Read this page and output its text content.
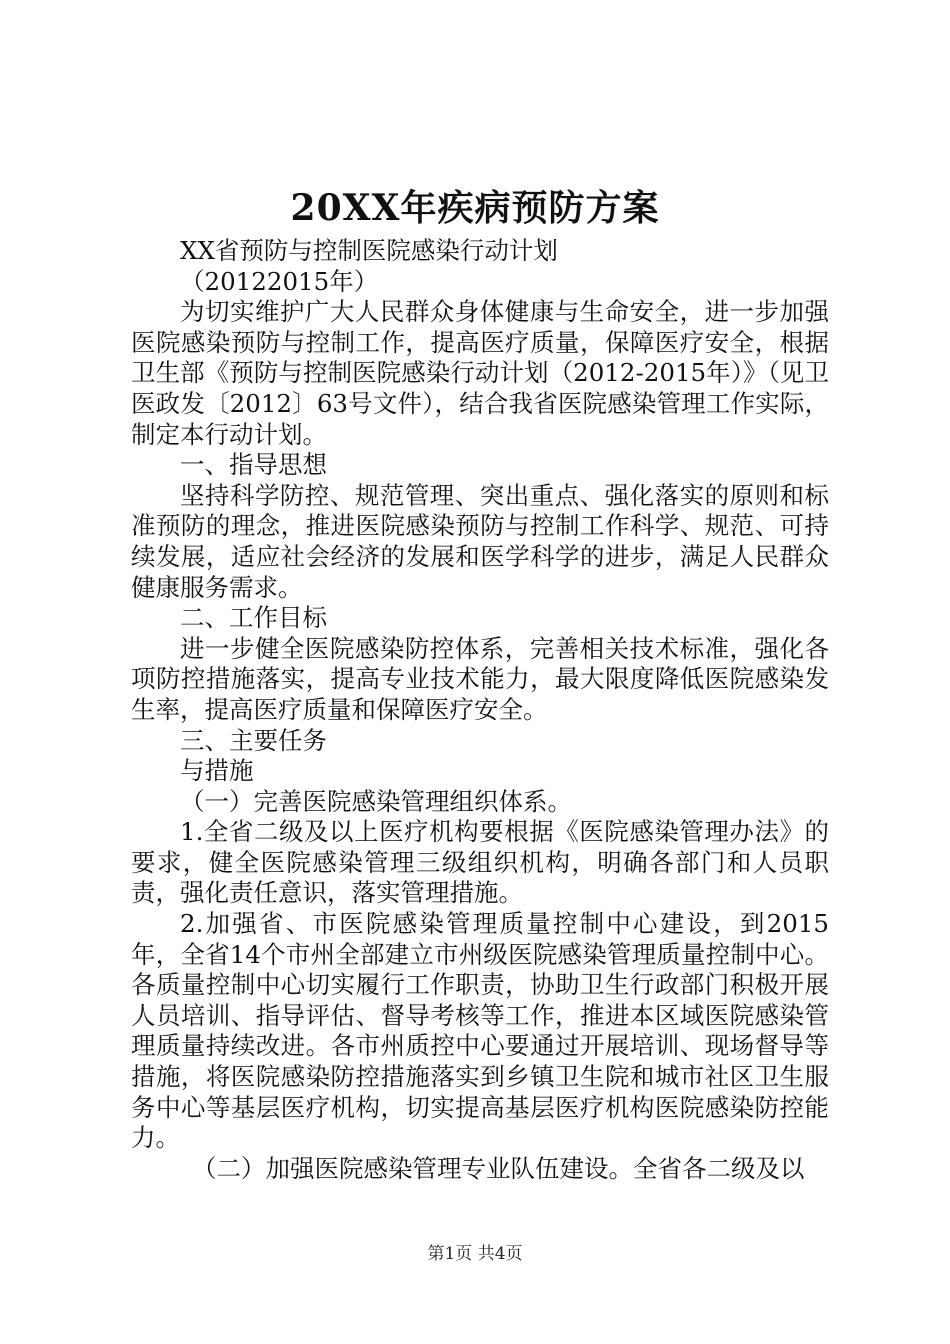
20XX年疾病预防方案

XX省预防与控制医院感染行动计划

（20122015年）

为切实维护广大人民群众身体健康与生命安全，进一步加强医院感染预防与控制工作，提高医疗质量，保障医疗安全，根据卫生部《预防与控制医院感染行动计划（2012-2015年）》（见卫医政发〔2012〕63号文件），结合我省医院感染管理工作实际，制定本行动计划。

一、指导思想

坚持科学防控、规范管理、突出重点、强化落实的原则和标准预防的理念，推进医院感染预防与控制工作科学、规范、可持续发展，适应社会经济的发展和医学科学的进步，满足人民群众健康服务需求。

二、工作目标

进一步健全医院感染防控体系，完善相关技术标准，强化各项防控措施落实，提高专业技术能力，最大限度降低医院感染发生率，提高医疗质量和保障医疗安全。

三、主要任务

与措施

（一）完善医院感染管理组织体系。

1.全省二级及以上医疗机构要根据《医院感染管理办法》的要求，健全医院感染管理三级组织机构，明确各部门和人员职责，强化责任意识，落实管理措施。

2.加强省、市医院感染管理质量控制中心建设，到2015年，全省14个市州全部建立市州级医院感染管理质量控制中心。各质量控制中心切实履行工作职责，协助卫生行政部门积极开展人员培训、指导评估、督导考核等工作，推进本区域医院感染管理质量持续改进。各市州质控中心要通过开展培训、现场督导等措施，将医院感染防控措施落实到乡镇卫生院和城市社区卫生服务中心等基层医疗机构，切实提高基层医疗机构医院感染防控能力。

（二）加强医院感染管理专业队伍建设。全省各二级及以

第1页 共4页
